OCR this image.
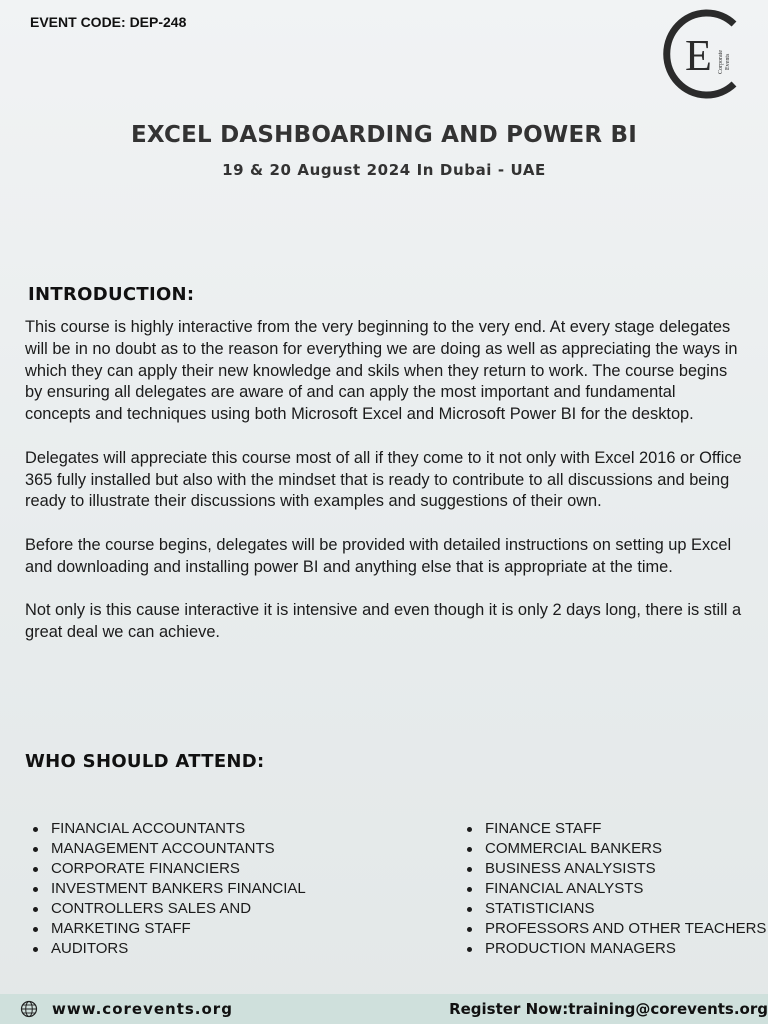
EVENT CODE: DEP-248
E Corporate Events
EXCEL DASHBOARDING AND POWER BI
19 & 20 August 2024 In Dubai - UAE
INTRODUCTION:

This course is highly interactive from the very beginning to the very end. At every stage delegates will be in no doubt as to the reason for everything we are doing as well as appreciating the ways in which they can apply their new knowledge and skils when they return to work. The course begins by ensuring all delegates are aware of and can apply the most important and fundamental concepts and techniques using both Microsoft Excel and Microsoft Power BI for the desktop.

Delegates will appreciate this course most of all if they come to it not only with Excel 2016 or Office 365 fully installed but also with the mindset that is ready to contribute to all discussions and being ready to illustrate their discussions with examples and suggestions of their own.

Before the course begins, delegates will be provided with detailed instructions on setting up Excel and downloading and installing power BI and anything else that is appropriate at the time.

Not only is this cause interactive it is intensive and even though it is only 2 days long, there is still a great deal we can achieve.

WHO SHOULD ATTEND:
FINANCIAL ACCOUNTANTS
MANAGEMENT ACCOUNTANTS
CORPORATE FINANCIERS
INVESTMENT BANKERS FINANCIAL
CONTROLLERS SALES AND
MARKETING STAFF
AUDITORS
FINANCE STAFF
COMMERCIAL BANKERS
BUSINESS ANALYSISTS
FINANCIAL ANALYSTS
STATISTICIANS
PROFESSORS AND OTHER TEACHERS
PRODUCTION MANAGERS
www.corevents.org	Register Now:training@corevents.org
